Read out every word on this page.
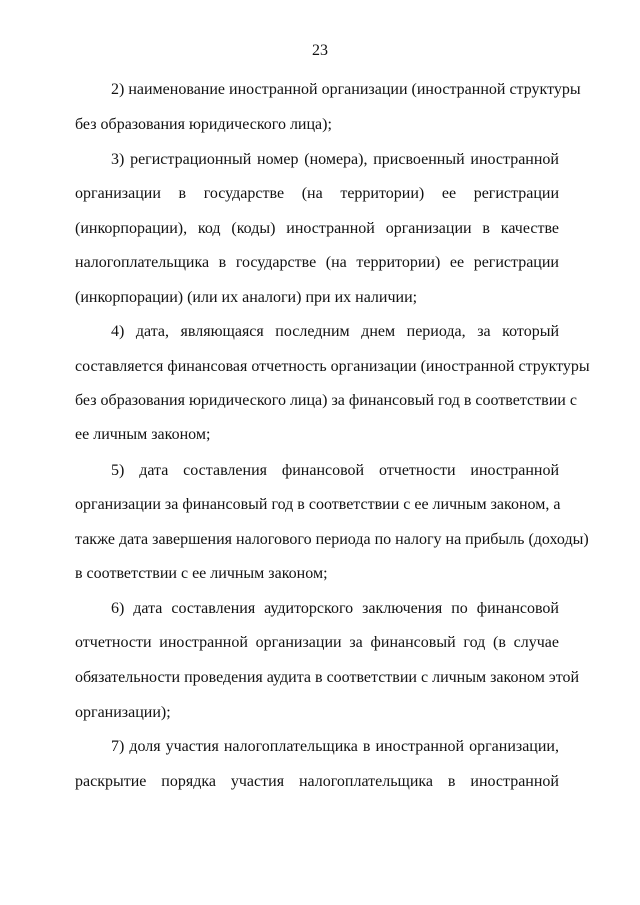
23
2) наименование иностранной организации (иностранной структуры
без образования юридического лица);
3) регистрационный номер (номера), присвоенный иностранной
организации в государстве (на территории) ее регистрации
(инкорпорации), код (коды) иностранной организации в качестве
налогоплательщика в государстве (на территории) ее регистрации
(инкорпорации) (или их аналоги) при их наличии;
4) дата, являющаяся последним днем периода, за который
составляется финансовая отчетность организации (иностранной структуры
без образования юридического лица) за финансовый год в соответствии с
ее личным законом;
5) дата составления финансовой отчетности иностранной
организации за финансовый год в соответствии с ее личным законом, а
также дата завершения налогового периода по налогу на прибыль (доходы)
в соответствии с ее личным законом;
6) дата составления аудиторского заключения по финансовой
отчетности иностранной организации за финансовый год (в случае
обязательности проведения аудита в соответствии с личным законом этой
организации);
7) доля участия налогоплательщика в иностранной организации,
раскрытие порядка участия налогоплательщика в иностранной
